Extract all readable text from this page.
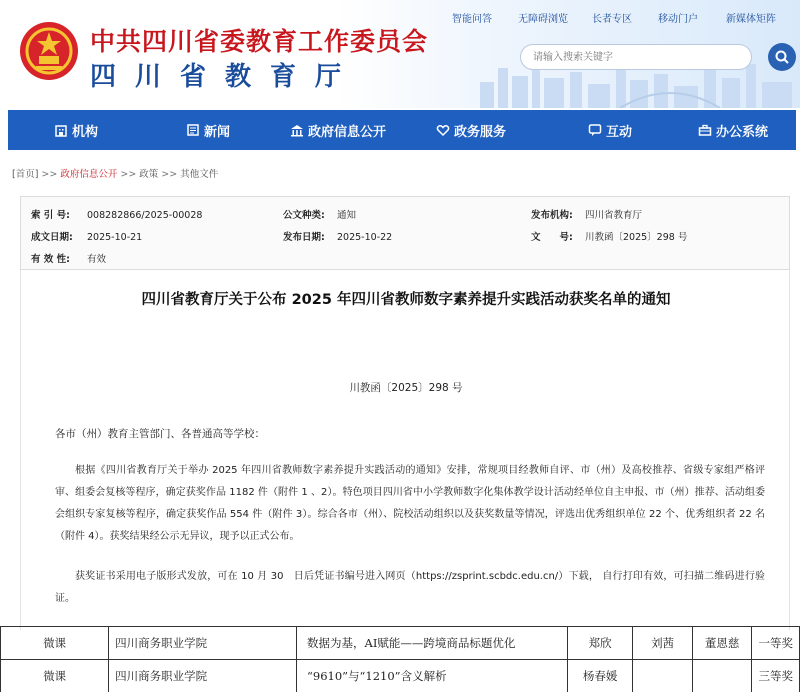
中共四川省委教育工作委员会
四川省教育厅
智能问答	无障碍浏览	长者专区	移动门户	新媒体矩阵
请输入搜索关键字
机构	新闻	政府信息公开	政务服务	互动	办公系统
[首页] >> 政府信息公开 >> 政策 >> 其他文件
索 引 号: 008282866/2025-00028	公文种类: 通知	发布机构: 四川省教育厅
成文日期: 2025-10-21	发布日期: 2025-10-22	文　　号: 川教函〔2025〕298 号
有 效 性: 有效
四川省教育厅关于公布 2025 年四川省教师数字素养提升实践活动获奖名单的通知
川教函〔2025〕298 号
各市（州）教育主管部门、各普通高等学校：
根据《四川省教育厅关于举办 2025 年四川省教师数字素养提升实践活动的通知》安排，常规项目经教师自评、市（州）及高校推荐、省级专家组严格评审、组委会复核等程序，确定获奖作品 1182 件（附件 1 、2）。特色项目四川省中小学教师数字化集体教学设计活动经单位自主申报、市（州）推荐、活动组委会组织专家复核等程序，确定获奖作品 554 件（附件 3）。综合各市（州）、院校活动组织以及获奖数量等情况，评选出优秀组织单位 22 个、优秀组织者 22 名（附件 4）。获奖结果经公示无异议，现予以正式公布。
获奖证书采用电子版形式发放，可在 10 月 30　日后凭证书编号进入网页（https://zsprint.scbdc.edu.cn/）下载， 自行打印有效，可扫描二维码进行验证。
微课	四川商务职业学院	数据为基，AI赋能——跨境商品标题优化	郑欣	刘茜	董恩慈	一等奖
微课	四川商务职业学院	“9610”与“1210”含义解析	杨春媛			三等奖
